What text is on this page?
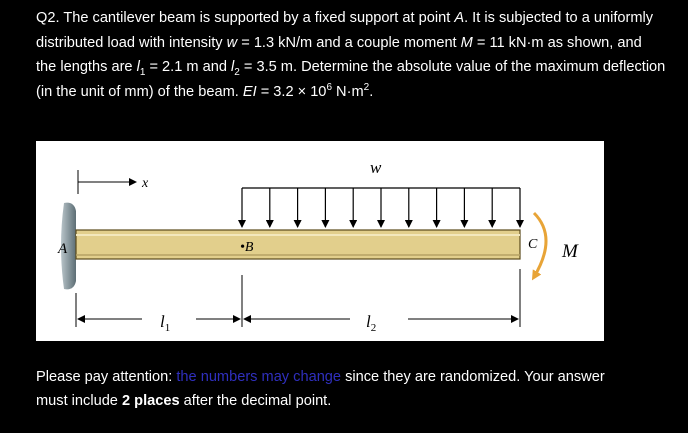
Q2. The cantilever beam is supported by a fixed support at point A. It is subjected to a uniformly distributed load with intensity w = 1.3 kN/m and a couple moment M = 11 kN·m as shown, and the lengths are $l_1 = 2.1$ m and $l_2 = 3.5$ m. Determine the absolute value of the maximum deflection (in the unit of mm) of the beam. EI = $3.2 \times 10^6$ $N\cdot m^2$.
x
A	•B	C
w
M
$l_1$	$l_2$
Please pay attention: the numbers may change since they are randomized. Your answer must include 2 places after the decimal point.
